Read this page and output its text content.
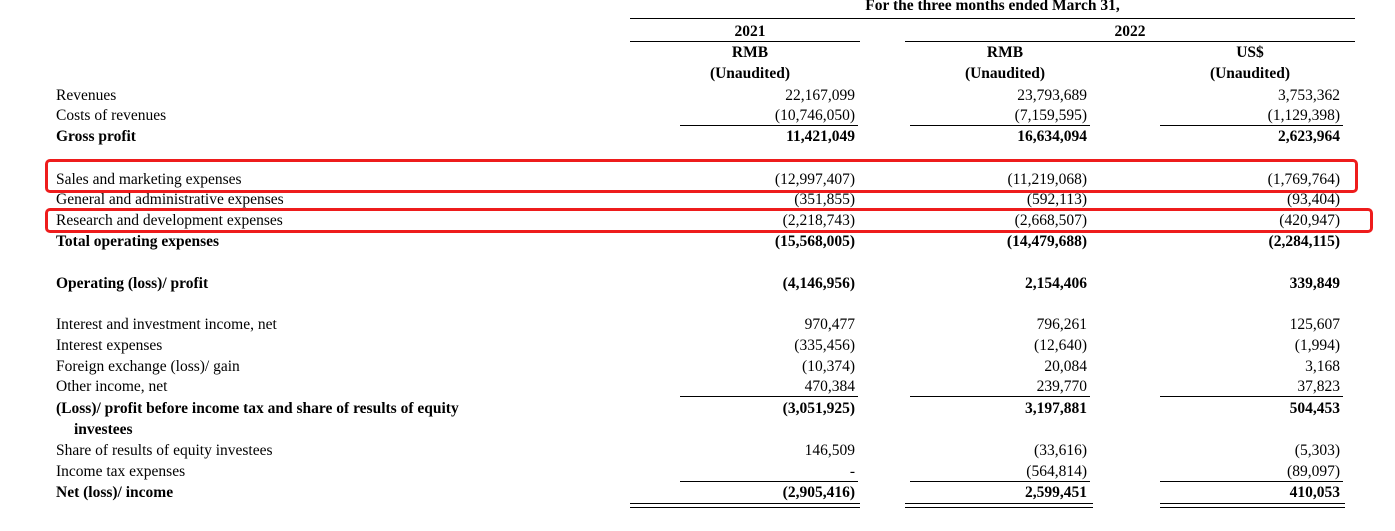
For the three months ended March 31,
2021	2022
RMB
(Unaudited)
RMB
(Unaudited)
US$
(Unaudited)
Revenues
Costs of revenues
Gross profit
Sales and marketing expenses
General and administrative expenses
Research and development expenses
Total operating expenses
Operating (loss)/ profit
Interest and investment income, net
Interest expenses
Foreign exchange (loss)/ gain
Other income, net
(Loss)/ profit before income tax and share of results of equity
investees
Share of results of equity investees
Income tax expenses
Net (loss)/ income
22,167,099
(10,746,050)
11,421,049
(12,997,407)
(351,855)
(2,218,743)
(15,568,005)
(4,146,956)
970,477
(335,456)
(10,374)
470,384
(3,051,925)
146,509
-
(2,905,416)
23,793,689
(7,159,595)
16,634,094
(11,219,068)
(592,113)
(2,668,507)
(14,479,688)
2,154,406
796,261
(12,640)
20,084
239,770
3,197,881
(33,616)
(564,814)
2,599,451
3,753,362
(1,129,398)
2,623,964
(1,769,764)
(93,404)
(420,947)
(2,284,115)
339,849
125,607
(1,994)
3,168
37,823
504,453
(5,303)
(89,097)
410,053
